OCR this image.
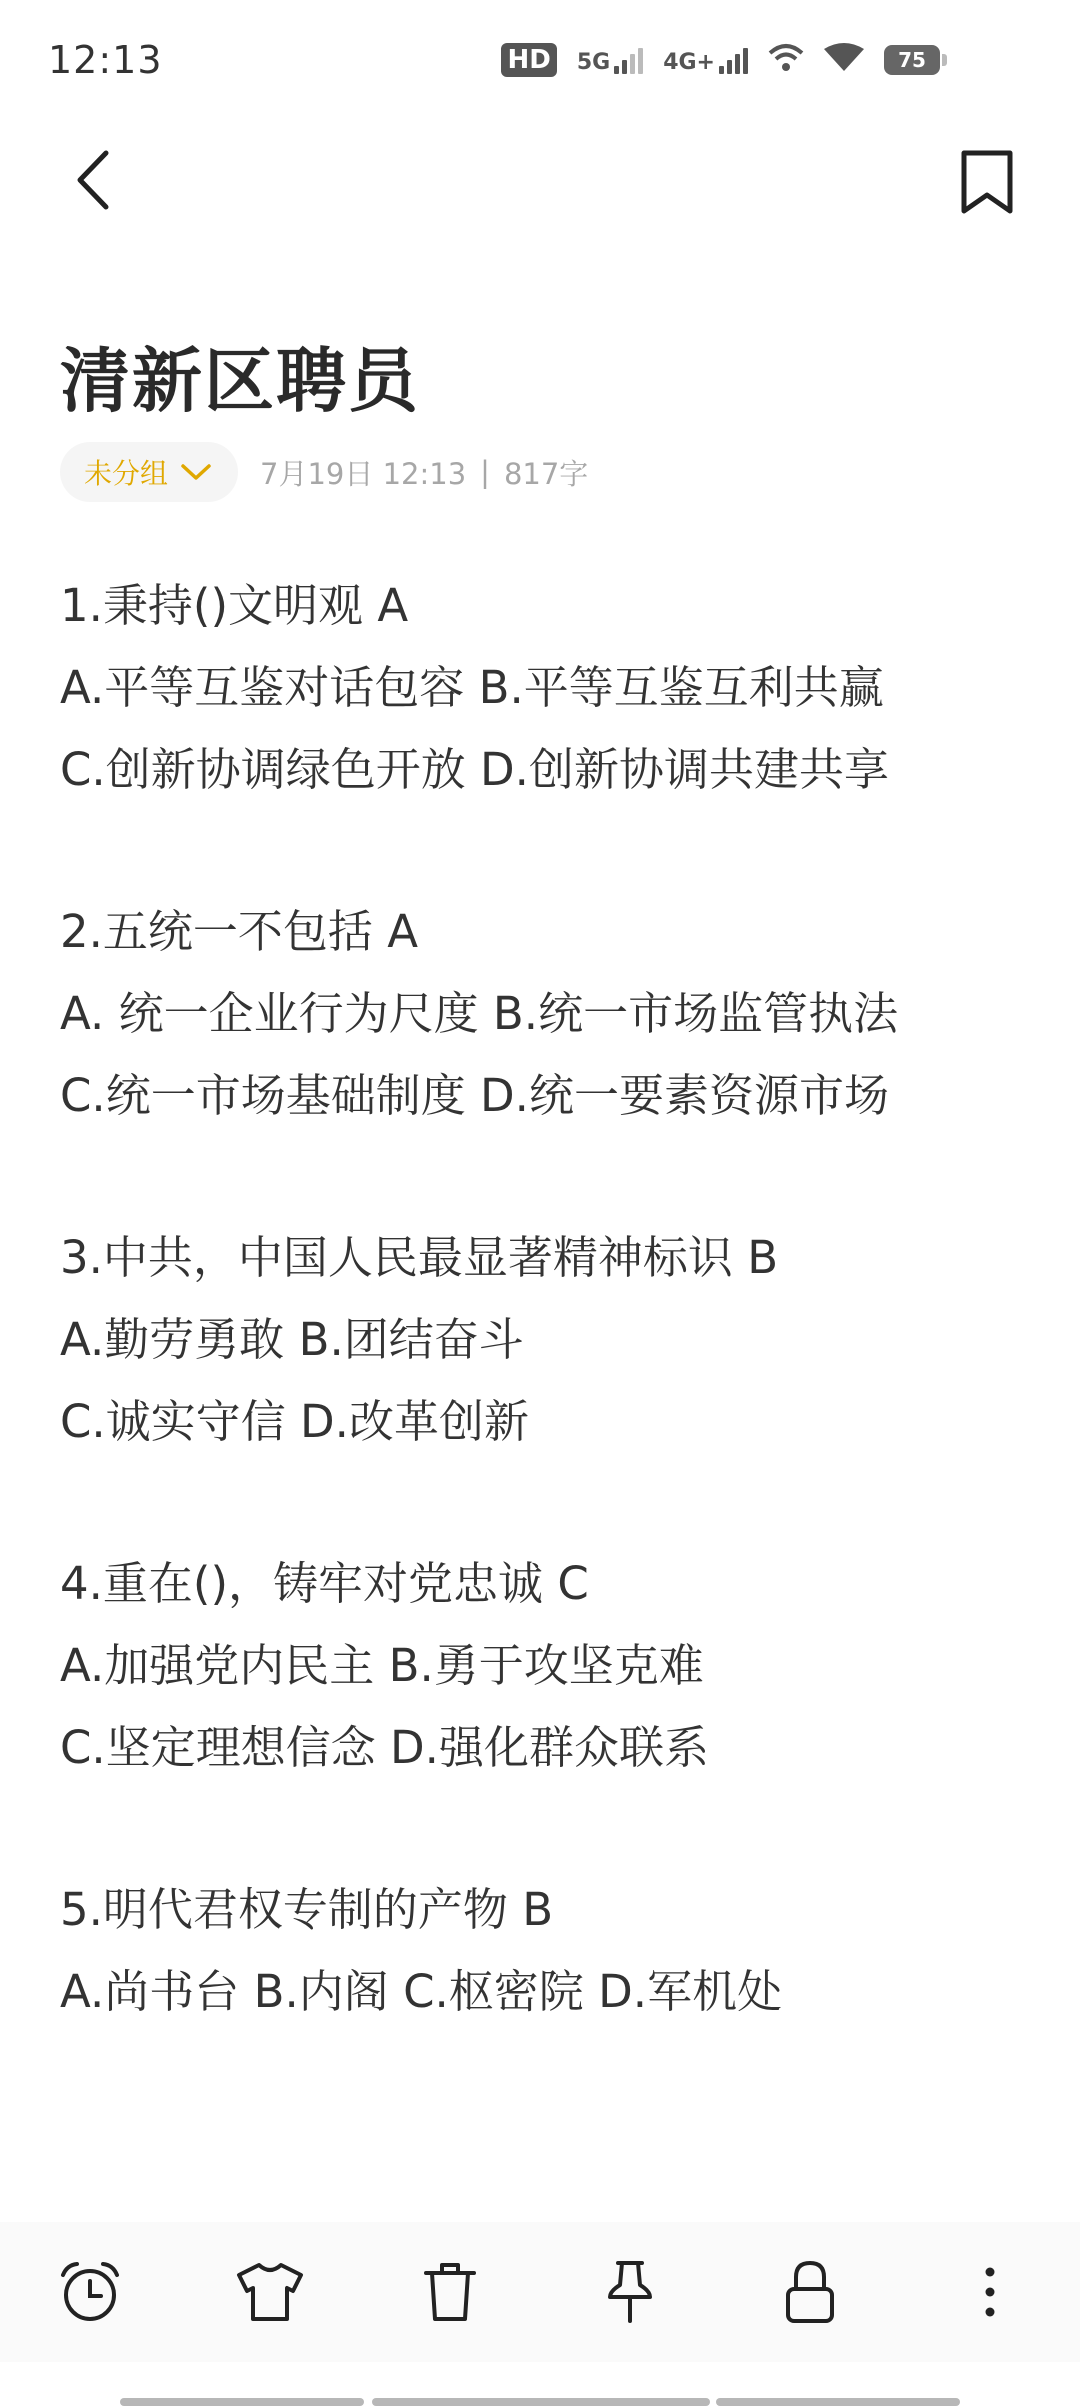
12:13	HD 5G 4G+	75
清新区聘员
未分组	7月19日 12:13 | 817字
1.秉持()文明观 A
A.平等互鉴对话包容 B.平等互鉴互利共赢
C.创新协调绿色开放 D.创新协调共建共享
2.五统一不包括 A
A. 统一企业行为尺度 B.统一市场监管执法
C.统一市场基础制度 D.统一要素资源市场
3.中共，中国人民最显著精神标识 B
A.勤劳勇敢 B.团结奋斗
C.诚实守信 D.改革创新
4.重在()，铸牢对党忠诚 C
A.加强党内民主 B.勇于攻坚克难
C.坚定理想信念 D.强化群众联系
5.明代君权专制的产物 B
A.尚书台 B.内阁 C.枢密院 D.军机处
